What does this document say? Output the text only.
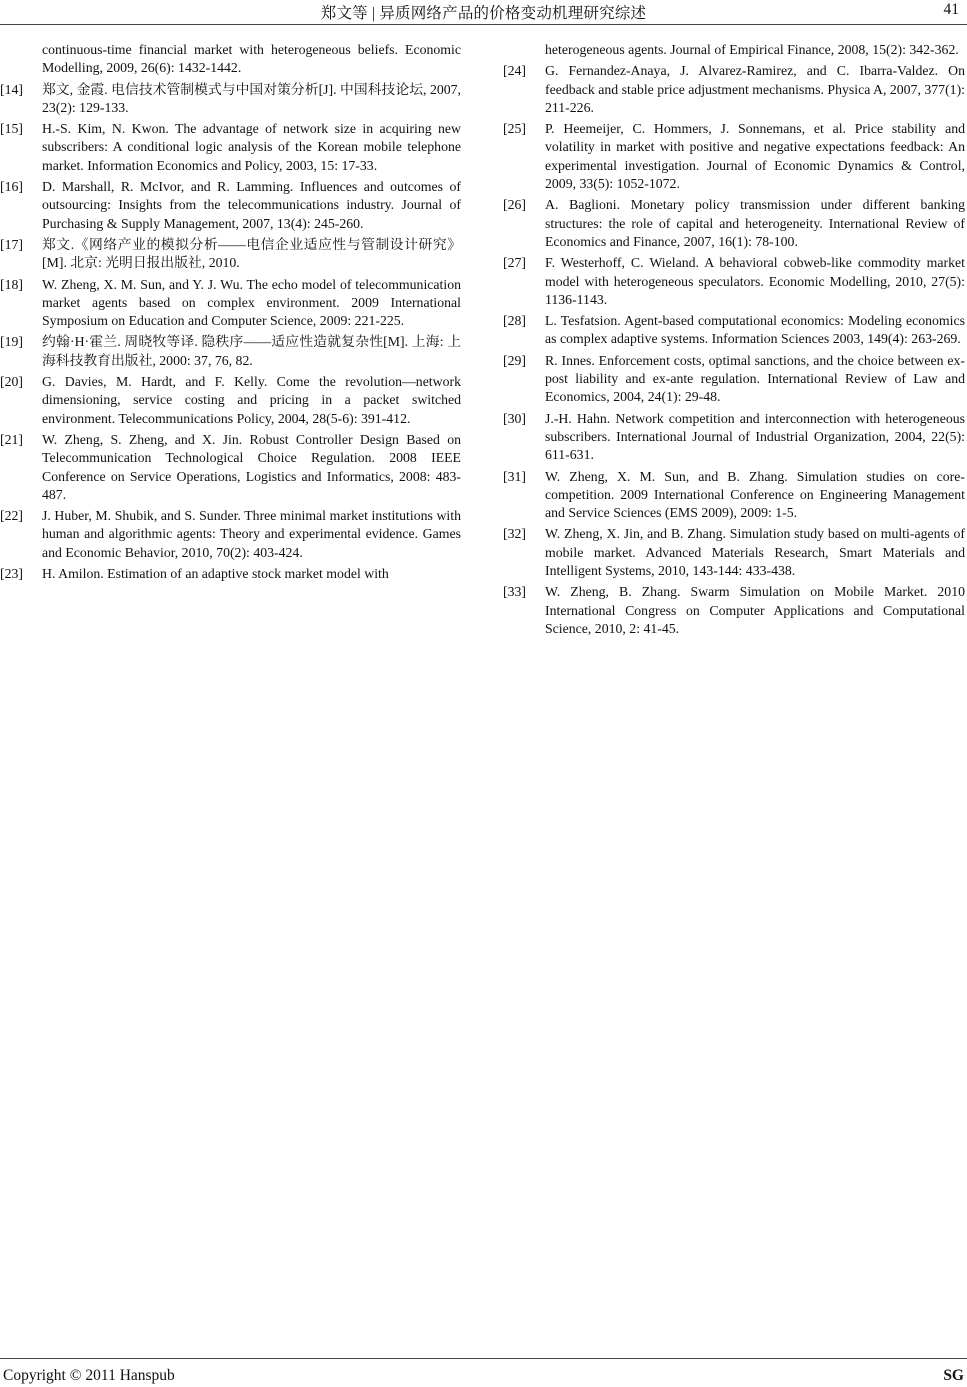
郑文等 | 异质网络产品的价格变动机理研究综述	41
continuous-time financial market with heterogeneous beliefs. Economic Modelling, 2009, 26(6): 1432-1442.
[14] 郑文, 金霞. 电信技术管制模式与中国对策分析[J]. 中国科技论坛, 2007, 23(2): 129-133.
[15] H.-S. Kim, N. Kwon. The advantage of network size in acquiring new subscribers: A conditional logic analysis of the Korean mobile telephone market. Information Economics and Policy, 2003, 15: 17-33.
[16] D. Marshall, R. McIvor, and R. Lamming. Influences and outcomes of outsourcing: Insights from the telecommunications industry. Journal of Purchasing & Supply Management, 2007, 13(4): 245-260.
[17] 郑文.《网络产业的模拟分析——电信企业适应性与管制设计研究》[M]. 北京: 光明日报出版社, 2010.
[18] W. Zheng, X. M. Sun, and Y. J. Wu. The echo model of telecommunication market agents based on complex environment. 2009 International Symposium on Education and Computer Science, 2009: 221-225.
[19] 约翰·H·霍兰. 周晓牧等译. 隐秩序——适应性造就复杂性[M]. 上海: 上海科技教育出版社, 2000: 37, 76, 82.
[20] G. Davies, M. Hardt, and F. Kelly. Come the revolution—network dimensioning, service costing and pricing in a packet switched environment. Telecommunications Policy, 2004, 28(5-6): 391-412.
[21] W. Zheng, S. Zheng, and X. Jin. Robust Controller Design Based on Telecommunication Technological Choice Regulation. 2008 IEEE Conference on Service Operations, Logistics and Informatics, 2008: 483-487.
[22] J. Huber, M. Shubik, and S. Sunder. Three minimal market institutions with human and algorithmic agents: Theory and experimental evidence. Games and Economic Behavior, 2010, 70(2): 403-424.
[23] H. Amilon. Estimation of an adaptive stock market model with
heterogeneous agents. Journal of Empirical Finance, 2008, 15(2): 342-362.
[24] G. Fernandez-Anaya, J. Alvarez-Ramirez, and C. Ibarra-Valdez. On feedback and stable price adjustment mechanisms. Physica A, 2007, 377(1): 211-226.
[25] P. Heemeijer, C. Hommers, J. Sonnemans, et al. Price stability and volatility in market with positive and negative expectations feedback: An experimental investigation. Journal of Economic Dynamics & Control, 2009, 33(5): 1052-1072.
[26] A. Baglioni. Monetary policy transmission under different banking structures: the role of capital and heterogeneity. International Review of Economics and Finance, 2007, 16(1): 78-100.
[27] F. Westerhoff, C. Wieland. A behavioral cobweb-like commodity market model with heterogeneous speculators. Economic Modelling, 2010, 27(5): 1136-1143.
[28] L. Tesfatsion. Agent-based computational economics: Modeling economics as complex adaptive systems. Information Sciences 2003, 149(4): 263-269.
[29] R. Innes. Enforcement costs, optimal sanctions, and the choice between ex-post liability and ex-ante regulation. International Review of Law and Economics, 2004, 24(1): 29-48.
[30] J.-H. Hahn. Network competition and interconnection with heterogeneous subscribers. International Journal of Industrial Organization, 2004, 22(5): 611-631.
[31] W. Zheng, X. M. Sun, and B. Zhang. Simulation studies on core-competition. 2009 International Conference on Engineering Management and Service Sciences (EMS 2009), 2009: 1-5.
[32] W. Zheng, X. Jin, and B. Zhang. Simulation study based on multi-agents of mobile market. Advanced Materials Research, Smart Materials and Intelligent Systems, 2010, 143-144: 433-438.
[33] W. Zheng, B. Zhang. Swarm Simulation on Mobile Market. 2010 International Congress on Computer Applications and Computational Science, 2010, 2: 41-45.
Copyright © 2011 Hanspub	SG
